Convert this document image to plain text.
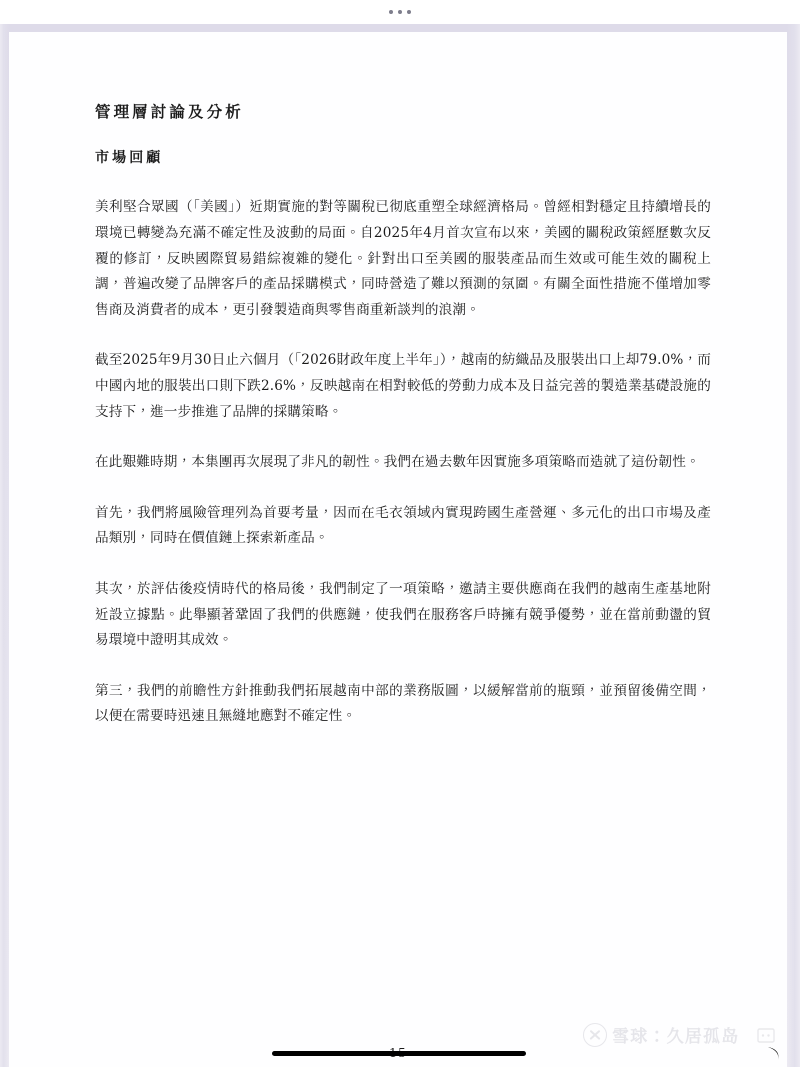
管理層討論及分析
市場回顧

美利堅合眾國（「美國」）近期實施的對等關稅已彻底重塑全球經濟格局。曾經相對穩定且持續增長的環境已轉變為充滿不確定性及波動的局面。自2025年4月首次宣布以來，美國的關稅政策經歷數次反覆的修訂，反映國際貿易錯綜複雜的變化。針對出口至美國的服裝產品而生效或可能生效的關稅上調，普遍改變了品牌客戶的產品採購模式，同時營造了難以預測的氛圍。有關全面性措施不僅增加零售商及消費者的成本，更引發製造商與零售商重新談判的浪潮。

截至2025年9月30日止六個月（「2026財政年度上半年」），越南的紡織品及服裝出口上却79.0%，而中國內地的服裝出口則下跌2.6%，反映越南在相對較低的勞動力成本及日益完善的製造業基礎設施的支持下，進一步推進了品牌的採購策略。

在此艱難時期，本集團再次展現了非凡的韌性。我們在過去數年因實施多項策略而造就了這份韌性。

首先，我們將風險管理列為首要考量，因而在毛衣領域內實現跨國生產營運、多元化的出口市場及產品類別，同時在價值鏈上探索新產品。

其次，於評估後疫情時代的格局後，我們制定了一項策略，邀請主要供應商在我們的越南生產基地附近設立據點。此舉顯著鞏固了我們的供應鏈，使我們在服務客戶時擁有競爭優勢，並在當前動盪的貿易環境中證明其成效。

第三，我們的前瞻性方針推動我們拓展越南中部的業務版圖，以緩解當前的瓶頸，並預留後備空間，以便在需要時迅速且無縫地應對不確定性。

雪球：久居孤岛
